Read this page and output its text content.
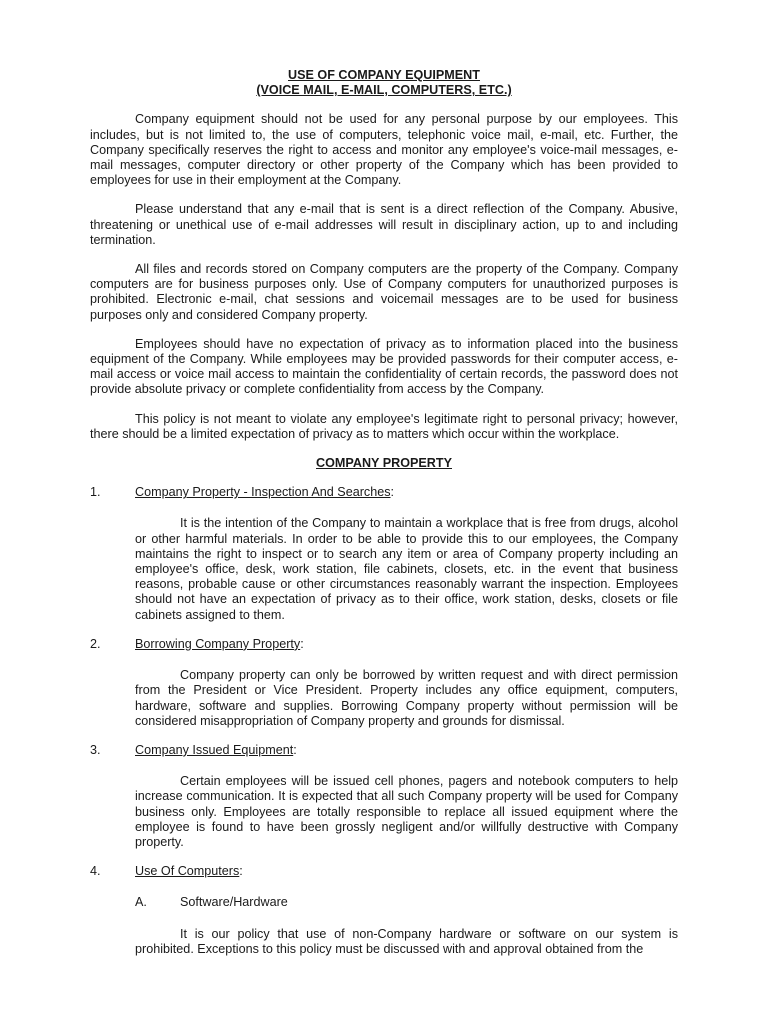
USE OF COMPANY EQUIPMENT

(VOICE MAIL, E-MAIL, COMPUTERS, ETC.)

Company equipment should not be used for any personal purpose by our employees. This includes, but is not limited to, the use of computers, telephonic voice mail, e-mail, etc. Further, the Company specifically reserves the right to access and monitor any employee's voice-mail messages, e-mail messages, computer directory or other property of the Company which has been provided to employees for use in their employment at the Company.

Please understand that any e-mail that is sent is a direct reflection of the Company. Abusive, threatening or unethical use of e-mail addresses will result in disciplinary action, up to and including termination.

All files and records stored on Company computers are the property of the Company. Company computers are for business purposes only. Use of Company computers for unauthorized purposes is prohibited. Electronic e-mail, chat sessions and voicemail messages are to be used for business purposes only and considered Company property.

Employees should have no expectation of privacy as to information placed into the business equipment of the Company. While employees may be provided passwords for their computer access, e-mail access or voice mail access to maintain the confidentiality of certain records, the password does not provide absolute privacy or complete confidentiality from access by the Company.

This policy is not meant to violate any employee's legitimate right to personal privacy; however, there should be a limited expectation of privacy as to matters which occur within the workplace.

COMPANY PROPERTY

1.	Company Property - Inspection And Searches:

It is the intention of the Company to maintain a workplace that is free from drugs, alcohol or other harmful materials. In order to be able to provide this to our employees, the Company maintains the right to inspect or to search any item or area of Company property including an employee's office, desk, work station, file cabinets, closets, etc. in the event that business reasons, probable cause or other circumstances reasonably warrant the inspection. Employees should not have an expectation of privacy as to their office, work station, desks, closets or file cabinets assigned to them.

2.	Borrowing Company Property:

Company property can only be borrowed by written request and with direct permission from the President or Vice President. Property includes any office equipment, computers, hardware, software and supplies. Borrowing Company property without permission will be considered misappropriation of Company property and grounds for dismissal.

3.	Company Issued Equipment:

Certain employees will be issued cell phones, pagers and notebook computers to help increase communication. It is expected that all such Company property will be used for Company business only. Employees are totally responsible to replace all issued equipment where the employee is found to have been grossly negligent and/or willfully destructive with Company property.

4.	Use Of Computers:
A.	Software/Hardware

It is our policy that use of non-Company hardware or software on our system is prohibited. Exceptions to this policy must be discussed with and approval obtained from the
